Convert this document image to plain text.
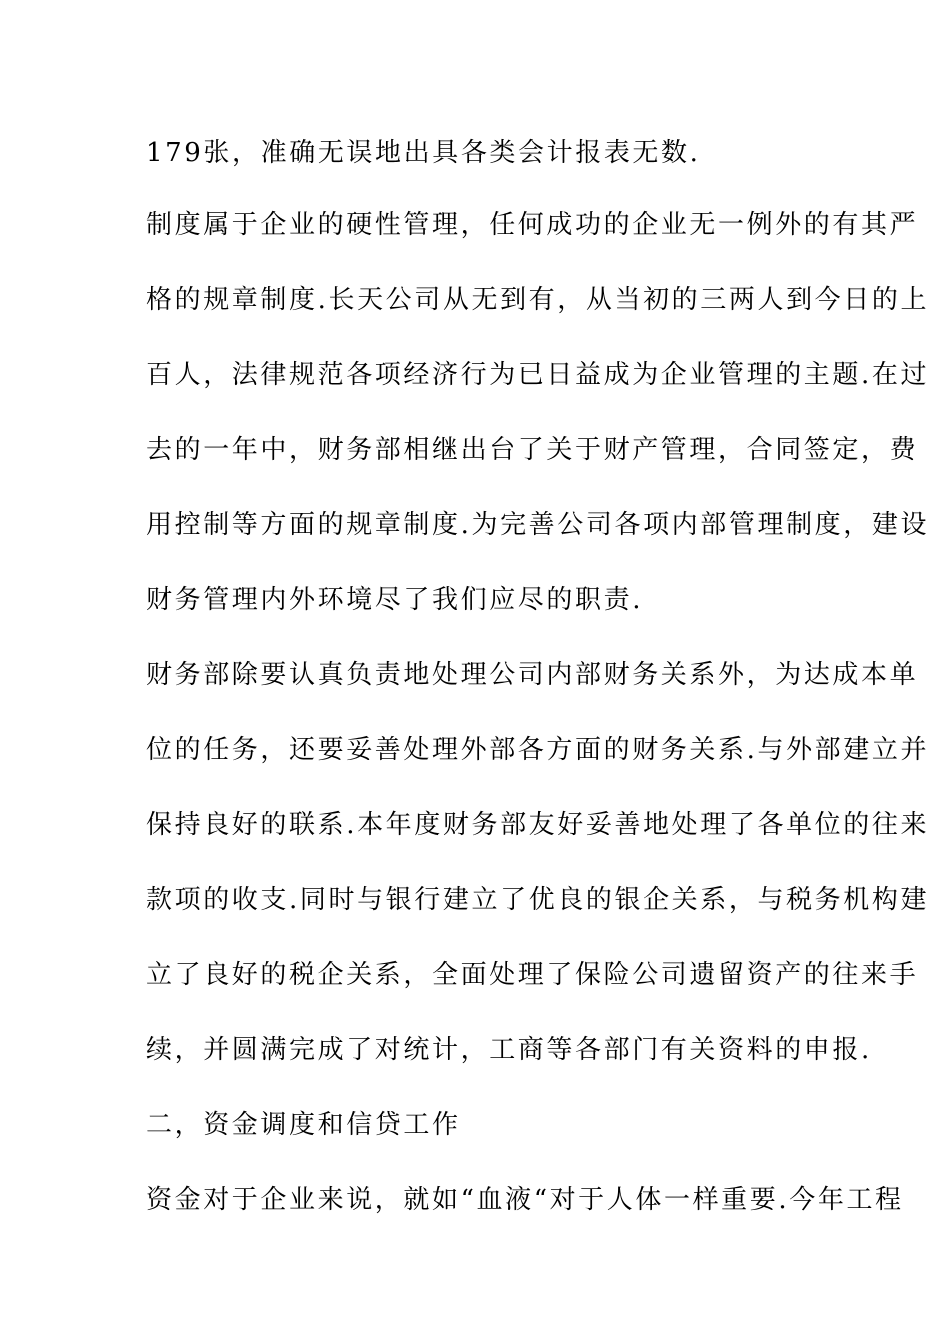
179张，准确无误地出具各类会计报表无数.
制度属于企业的硬性管理，任何成功的企业无一例外的有其严
格的规章制度.长天公司从无到有，从当初的三两人到今日的上
百人，法律规范各项经济行为已日益成为企业管理的主题.在过
去的一年中，财务部相继出台了关于财产管理，合同签定，费
用控制等方面的规章制度.为完善公司各项内部管理制度，建设
财务管理内外环境尽了我们应尽的职责.
财务部除要认真负责地处理公司内部财务关系外，为达成本单
位的任务，还要妥善处理外部各方面的财务关系.与外部建立并
保持良好的联系.本年度财务部友好妥善地处理了各单位的往来
款项的收支.同时与银行建立了优良的银企关系，与税务机构建
立了良好的税企关系，全面处理了保险公司遗留资产的往来手
续，并圆满完成了对统计，工商等各部门有关资料的申报.
二，资金调度和信贷工作
资金对于企业来说，就如“血液“对于人体一样重要.今年工程
